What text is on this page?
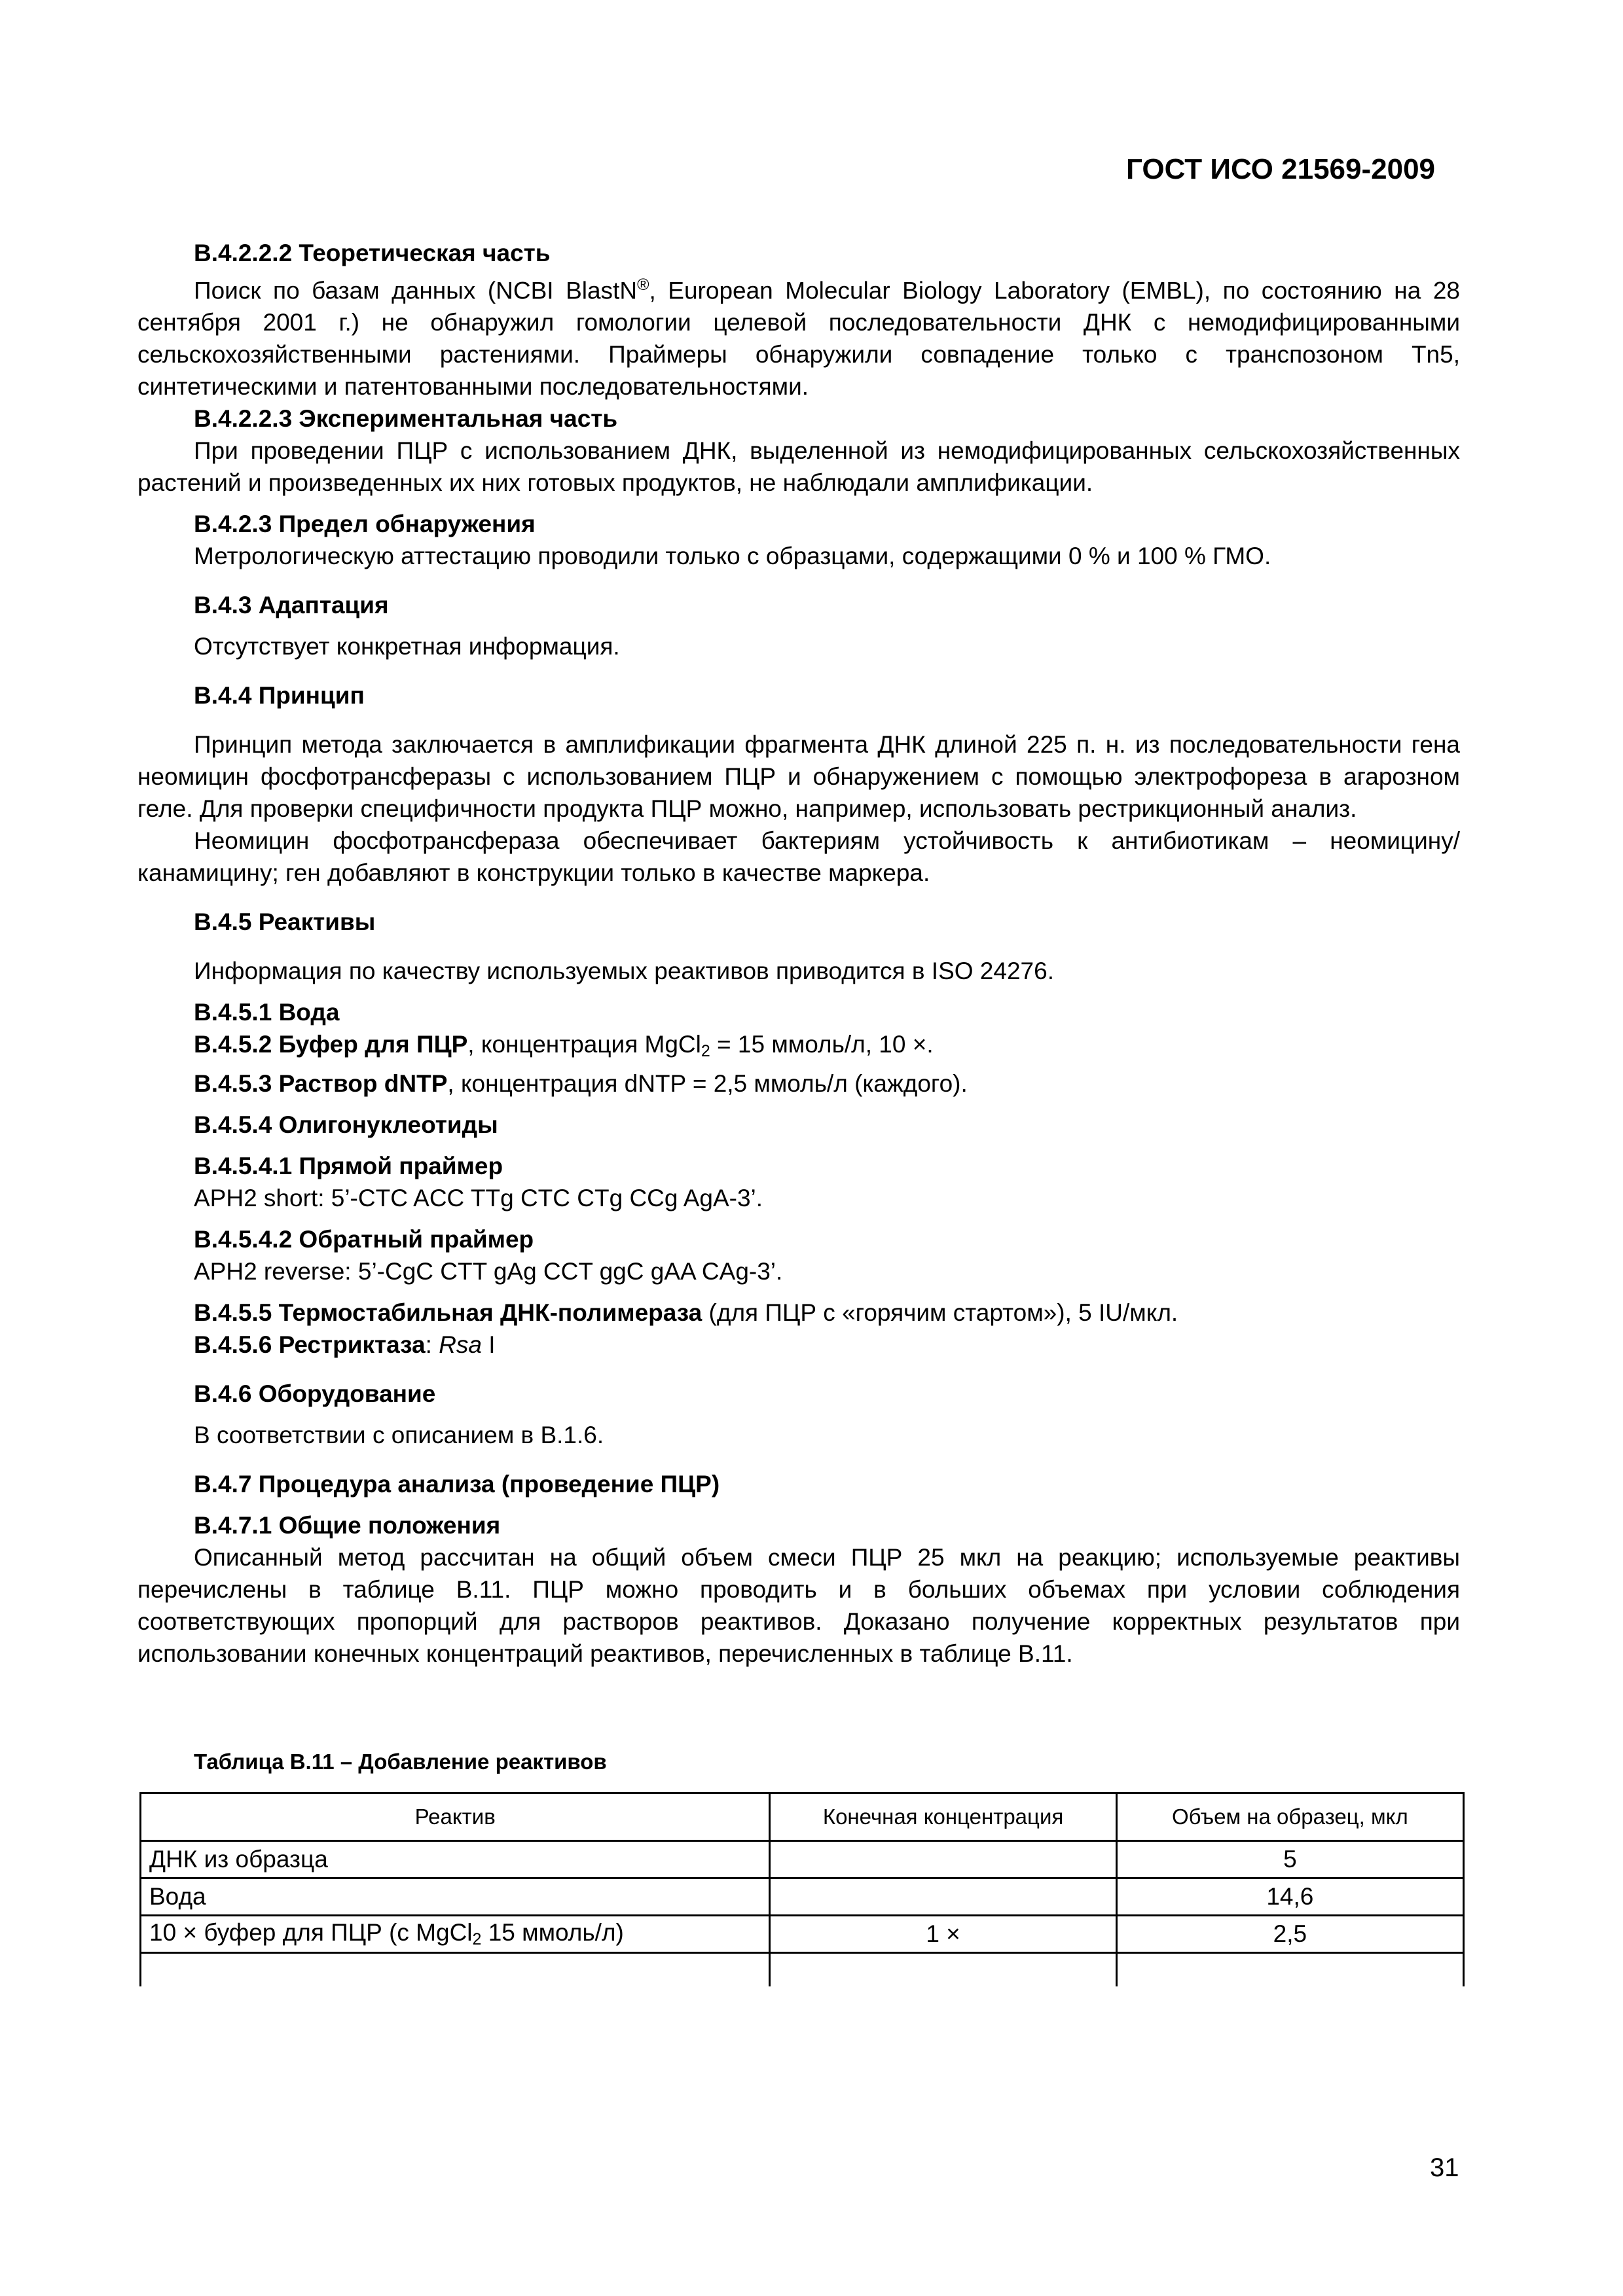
ГОСТ ИСО 21569-2009
В.4.2.2.2 Теоретическая часть
Поиск по базам данных (NCBI BlastN®, European Molecular Biology Laboratory (EMBL), по состоянию на 28 сентября 2001 г.) не обнаружил гомологии целевой последовательности ДНК с немодифицированными сельскохозяйственными растениями. Праймеры обнаружили совпадение только с транспозоном Tn5, синтетическими и патентованными последовательностями.
В.4.2.2.3 Экспериментальная часть
При проведении ПЦР с использованием ДНК, выделенной из немодифицированных сельскохозяйственных растений и произведенных их них готовых продуктов, не наблюдали амплификации.
В.4.2.3 Предел обнаружения
Метрологическую аттестацию проводили только с образцами, содержащими 0 % и 100 % ГМО.
В.4.3 Адаптация
Отсутствует конкретная информация.
В.4.4 Принцип
Принцип метода заключается в амплификации фрагмента ДНК длиной 225 п. н. из последовательности гена неомицин фосфотрансферазы с использованием ПЦР и обнаружением с помощью электрофореза в агарозном геле. Для проверки специфичности продукта ПЦР можно, например, использовать рестрикционный анализ.
Неомицин фосфотрансфераза обеспечивает бактериям устойчивость к антибиотикам – неомицину/канамицину; ген добавляют в конструкции только в качестве маркера.
В.4.5 Реактивы
Информация по качеству используемых реактивов приводится в ISO 24276.
В.4.5.1 Вода
В.4.5.2 Буфер для ПЦР, концентрация MgCl$_2$ = 15 ммоль/л, 10 ×.
В.4.5.3 Раствор dNTP, концентрация dNTP = 2,5 ммоль/л (каждого).
В.4.5.4 Олигонуклеотиды
В.4.5.4.1 Прямой праймер
APH2 short: 5’-CTC ACC TTg CTC CTg CCg AgA-3’.
В.4.5.4.2 Обратный праймер
APH2 reverse: 5’-CgC CTT gAg CCT ggC gAA CAg-3’.
В.4.5.5 Термостабильная ДНК-полимераза (для ПЦР с «горячим стартом»), 5 IU/мкл.
В.4.5.6 Рестриктаза: Rsa I
В.4.6 Оборудование
В соответствии с описанием в В.1.6.
В.4.7 Процедура анализа (проведение ПЦР)
В.4.7.1 Общие положения
Описанный метод рассчитан на общий объем смеси ПЦР 25 мкл на реакцию; используемые реактивы перечислены в таблице В.11. ПЦР можно проводить и в больших объемах при условии соблюдения соответствующих пропорций для растворов реактивов. Доказано получение корректных результатов при использовании конечных концентраций реактивов, перечисленных в таблице В.11.
Таблица В.11 – Добавление реактивов
Реактив	Конечная концентрация	Объем на образец, мкл
ДНК из образца		5
Вода		14,6
10 × буфер для ПЦР (с MgCl$_2$ 15 ммоль/л)	1 ×	2,5

31
